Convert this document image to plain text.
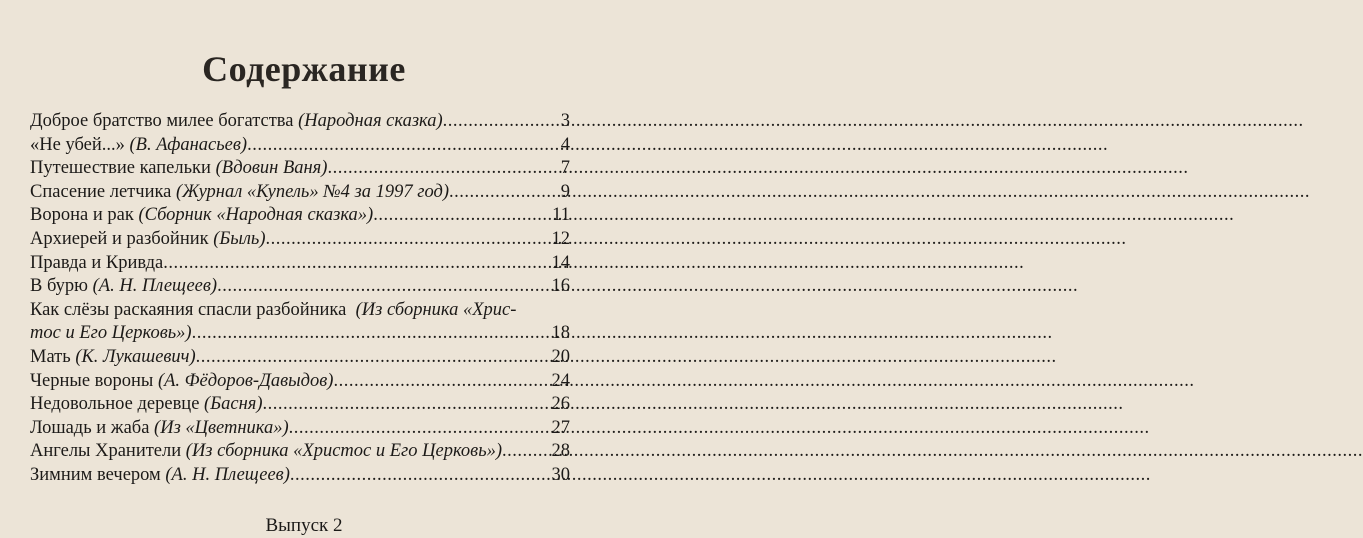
Содержание
Доброе братство милее богатства (Народная сказка) .....	3
«Не убей...» (В. Афанасьев) .....	4
Путешествие капельки (Вдовин Ваня) .....	7
Спасение летчика (Журнал «Купель» №4 за 1997 год) .....	9
Ворона и рак (Сборник «Народная сказка») .....	11
Архиерей и разбойник (Быль) .....	12
Правда и Кривда .....	14
В бурю (А. Н. Плещеев) .....	16
Как слёзы раскаяния спасли разбойника (Из сборника «Хрис-
тос и Его Церковь») .....	18
Мать (К. Лукашевич) .....	20
Черные вороны (А. Фёдоров-Давыдов) .....	24
Недовольное деревце (Басня) .....	26
Лошадь и жаба (Из «Цветника») .....	27
Ангелы Хранители (Из сборника «Христос и Его Церковь») .....	28
Зимним вечером (А. Н. Плещеев) .....	30
Выпуск 2
